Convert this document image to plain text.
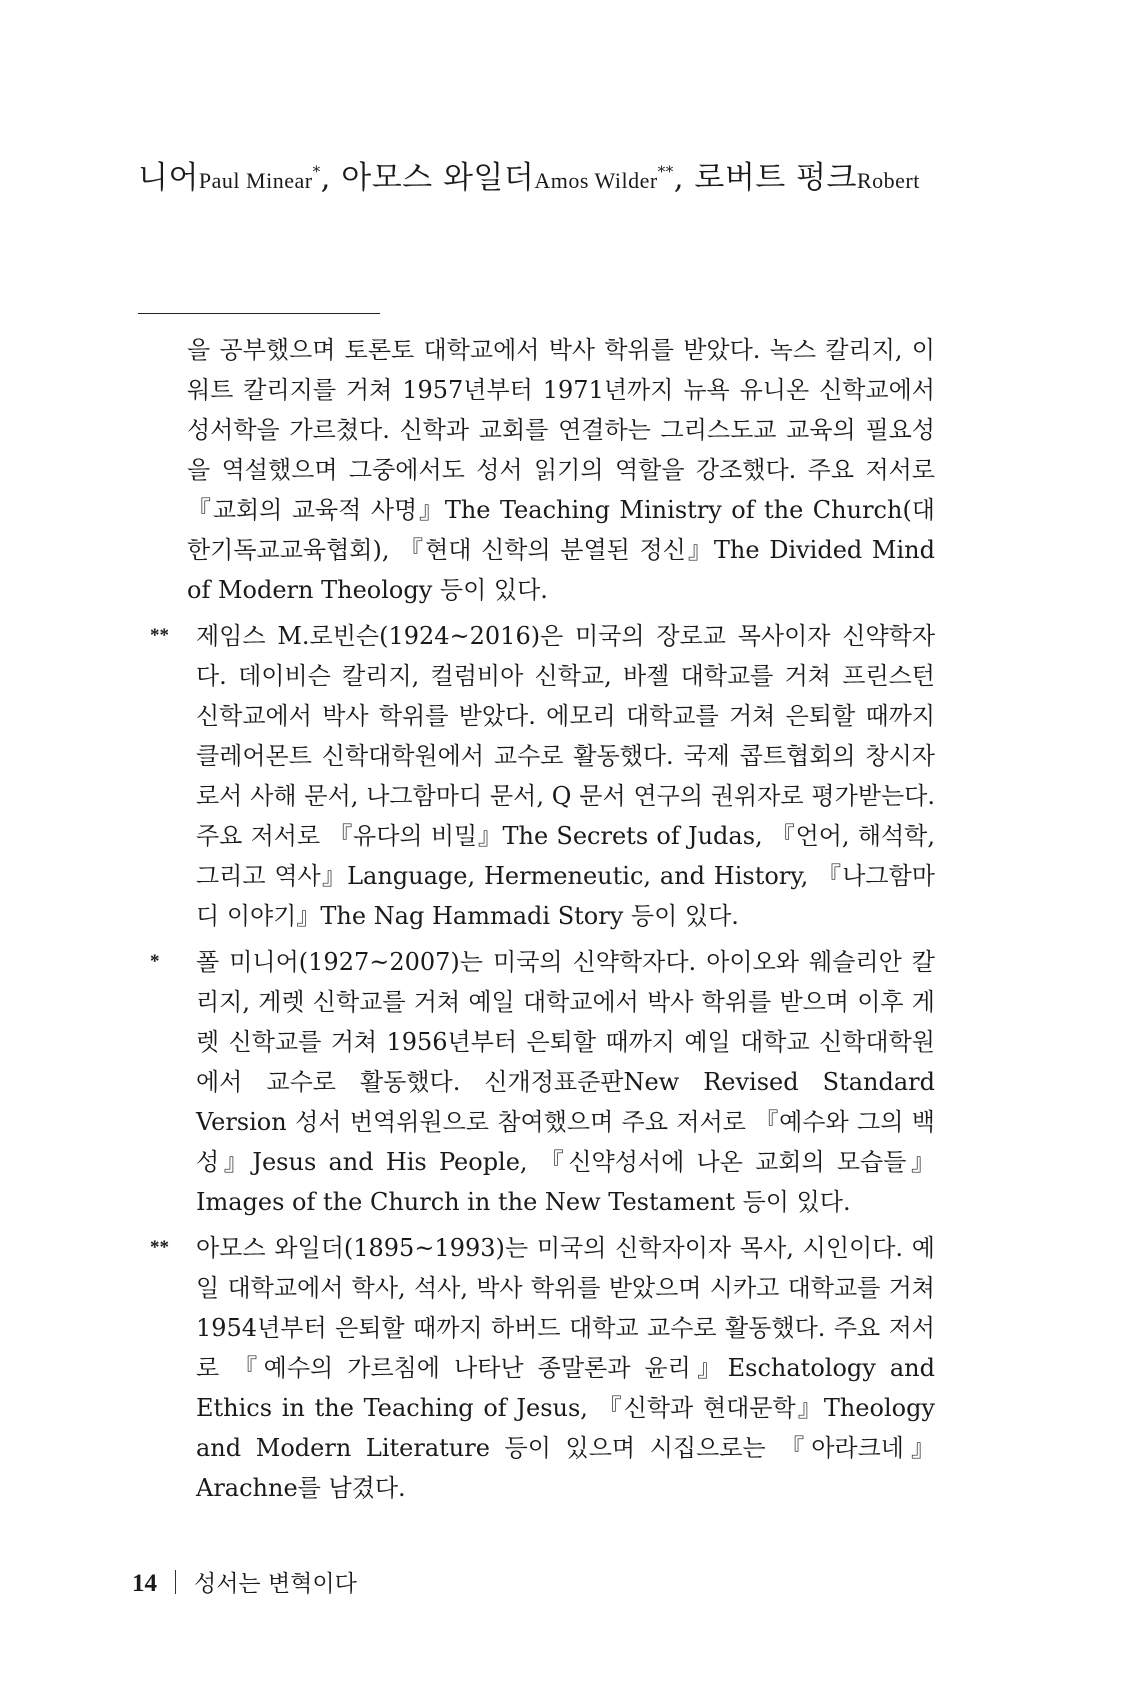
니어Paul Minear*, 아모스 와일더Amos Wilder**, 로버트 펑크Robert

을 공부했으며 토론토 대학교에서 박사 학위를 받았다. 녹스 칼리지, 이워트 칼리지를 거쳐 1957년부터 1971년까지 뉴욕 유니온 신학교에서 성서학을 가르쳤다. 신학과 교회를 연결하는 그리스도교 교육의 필요성을 역설했으며 그중에서도 성서 읽기의 역할을 강조했다. 주요 저서로 『교회의 교육적 사명』The Teaching Ministry of the Church(대한기독교교육협회), 『현대 신학의 분열된 정신』The Divided Mind of Modern Theology 등이 있다.

** 제임스 M.로빈슨(1924~2016)은 미국의 장로교 목사이자 신약학자다. 데이비슨 칼리지, 컬럼비아 신학교, 바젤 대학교를 거쳐 프린스턴 신학교에서 박사 학위를 받았다. 에모리 대학교를 거쳐 은퇴할 때까지 클레어몬트 신학대학원에서 교수로 활동했다. 국제 콥트협회의 창시자로서 사해 문서, 나그함마디 문서, Q 문서 연구의 권위자로 평가받는다. 주요 저서로 『유다의 비밀』The Secrets of Judas, 『언어, 해석학, 그리고 역사』Language, Hermeneutic, and History, 『나그함마디 이야기』The Nag Hammadi Story 등이 있다.

* 폴 미니어(1927~2007)는 미국의 신약학자다. 아이오와 웨슬리안 칼리지, 게렛 신학교를 거쳐 예일 대학교에서 박사 학위를 받으며 이후 게렛 신학교를 거쳐 1956년부터 은퇴할 때까지 예일 대학교 신학대학원에서 교수로 활동했다. 신개정표준판New Revised Standard Version 성서 번역위원으로 참여했으며 주요 저서로 『예수와 그의 백성』Jesus and His People, 『신약성서에 나온 교회의 모습들』Images of the Church in the New Testament 등이 있다.

** 아모스 와일더(1895~1993)는 미국의 신학자이자 목사, 시인이다. 예일 대학교에서 학사, 석사, 박사 학위를 받았으며 시카고 대학교를 거쳐 1954년부터 은퇴할 때까지 하버드 대학교 교수로 활동했다. 주요 저서로 『예수의 가르침에 나타난 종말론과 윤리』Eschatology and Ethics in the Teaching of Jesus, 『신학과 현대문학』Theology and Modern Literature 등이 있으며 시집으로는 『아라크네』Arachne를 남겼다.

14 성서는 변혁이다
